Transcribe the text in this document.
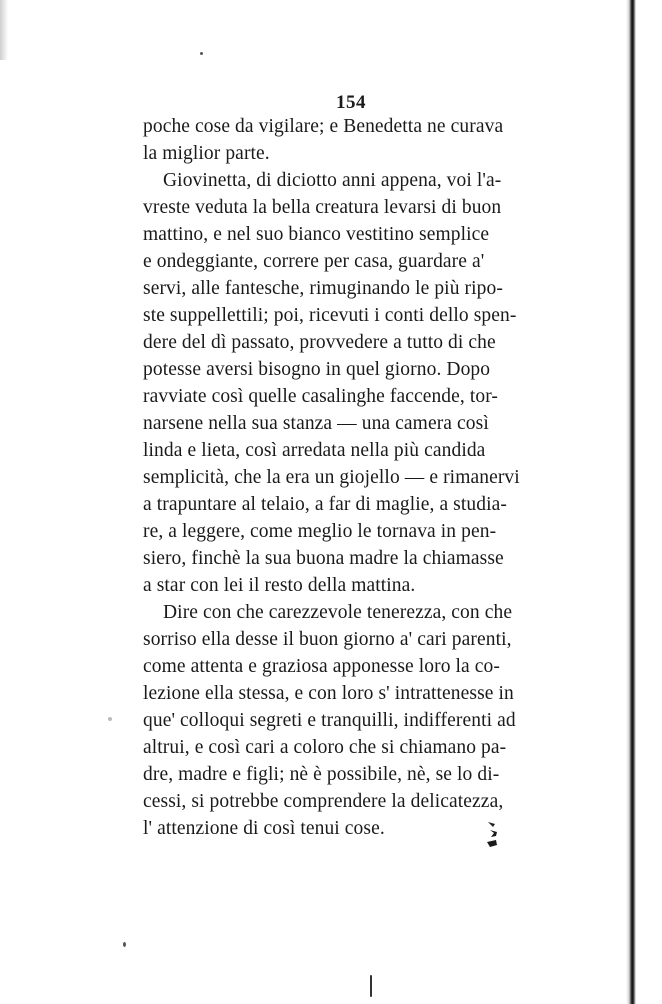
154
poche cose da vigilare; e Benedetta ne curava
la miglior parte.
Giovinetta, di diciotto anni appena, voi l'a-
vreste veduta la bella creatura levarsi di buon
mattino, e nel suo bianco vestitino semplice
e ondeggiante, correre per casa, guardare a'
servi, alle fantesche, rimuginando le più ripo-
ste suppellettili; poi, ricevuti i conti dello spen-
dere del dì passato, provvedere a tutto di che
potesse aversi bisogno in quel giorno. Dopo
ravviate così quelle casalinghe faccende, tor-
narsene nella sua stanza — una camera così
linda e lieta, così arredata nella più candida
semplicità, che la era un giojello — e rimanervi
a trapuntare al telaio, a far di maglie, a studia-
re, a leggere, come meglio le tornava in pen-
siero, finchè la sua buona madre la chiamasse
a star con lei il resto della mattina.
Dire con che carezzevole tenerezza, con che
sorriso ella desse il buon giorno a' cari parenti,
come attenta e graziosa apponesse loro la co-
lezione ella stessa, e con loro s' intrattenesse in
que' colloqui segreti e tranquilli, indifferenti ad
altrui, e così cari a coloro che si chiamano pa-
dre, madre e figli; nè è possibile, nè, se lo di-
cessi, si potrebbe comprendere la delicatezza,
l' attenzione di così tenui cose.
